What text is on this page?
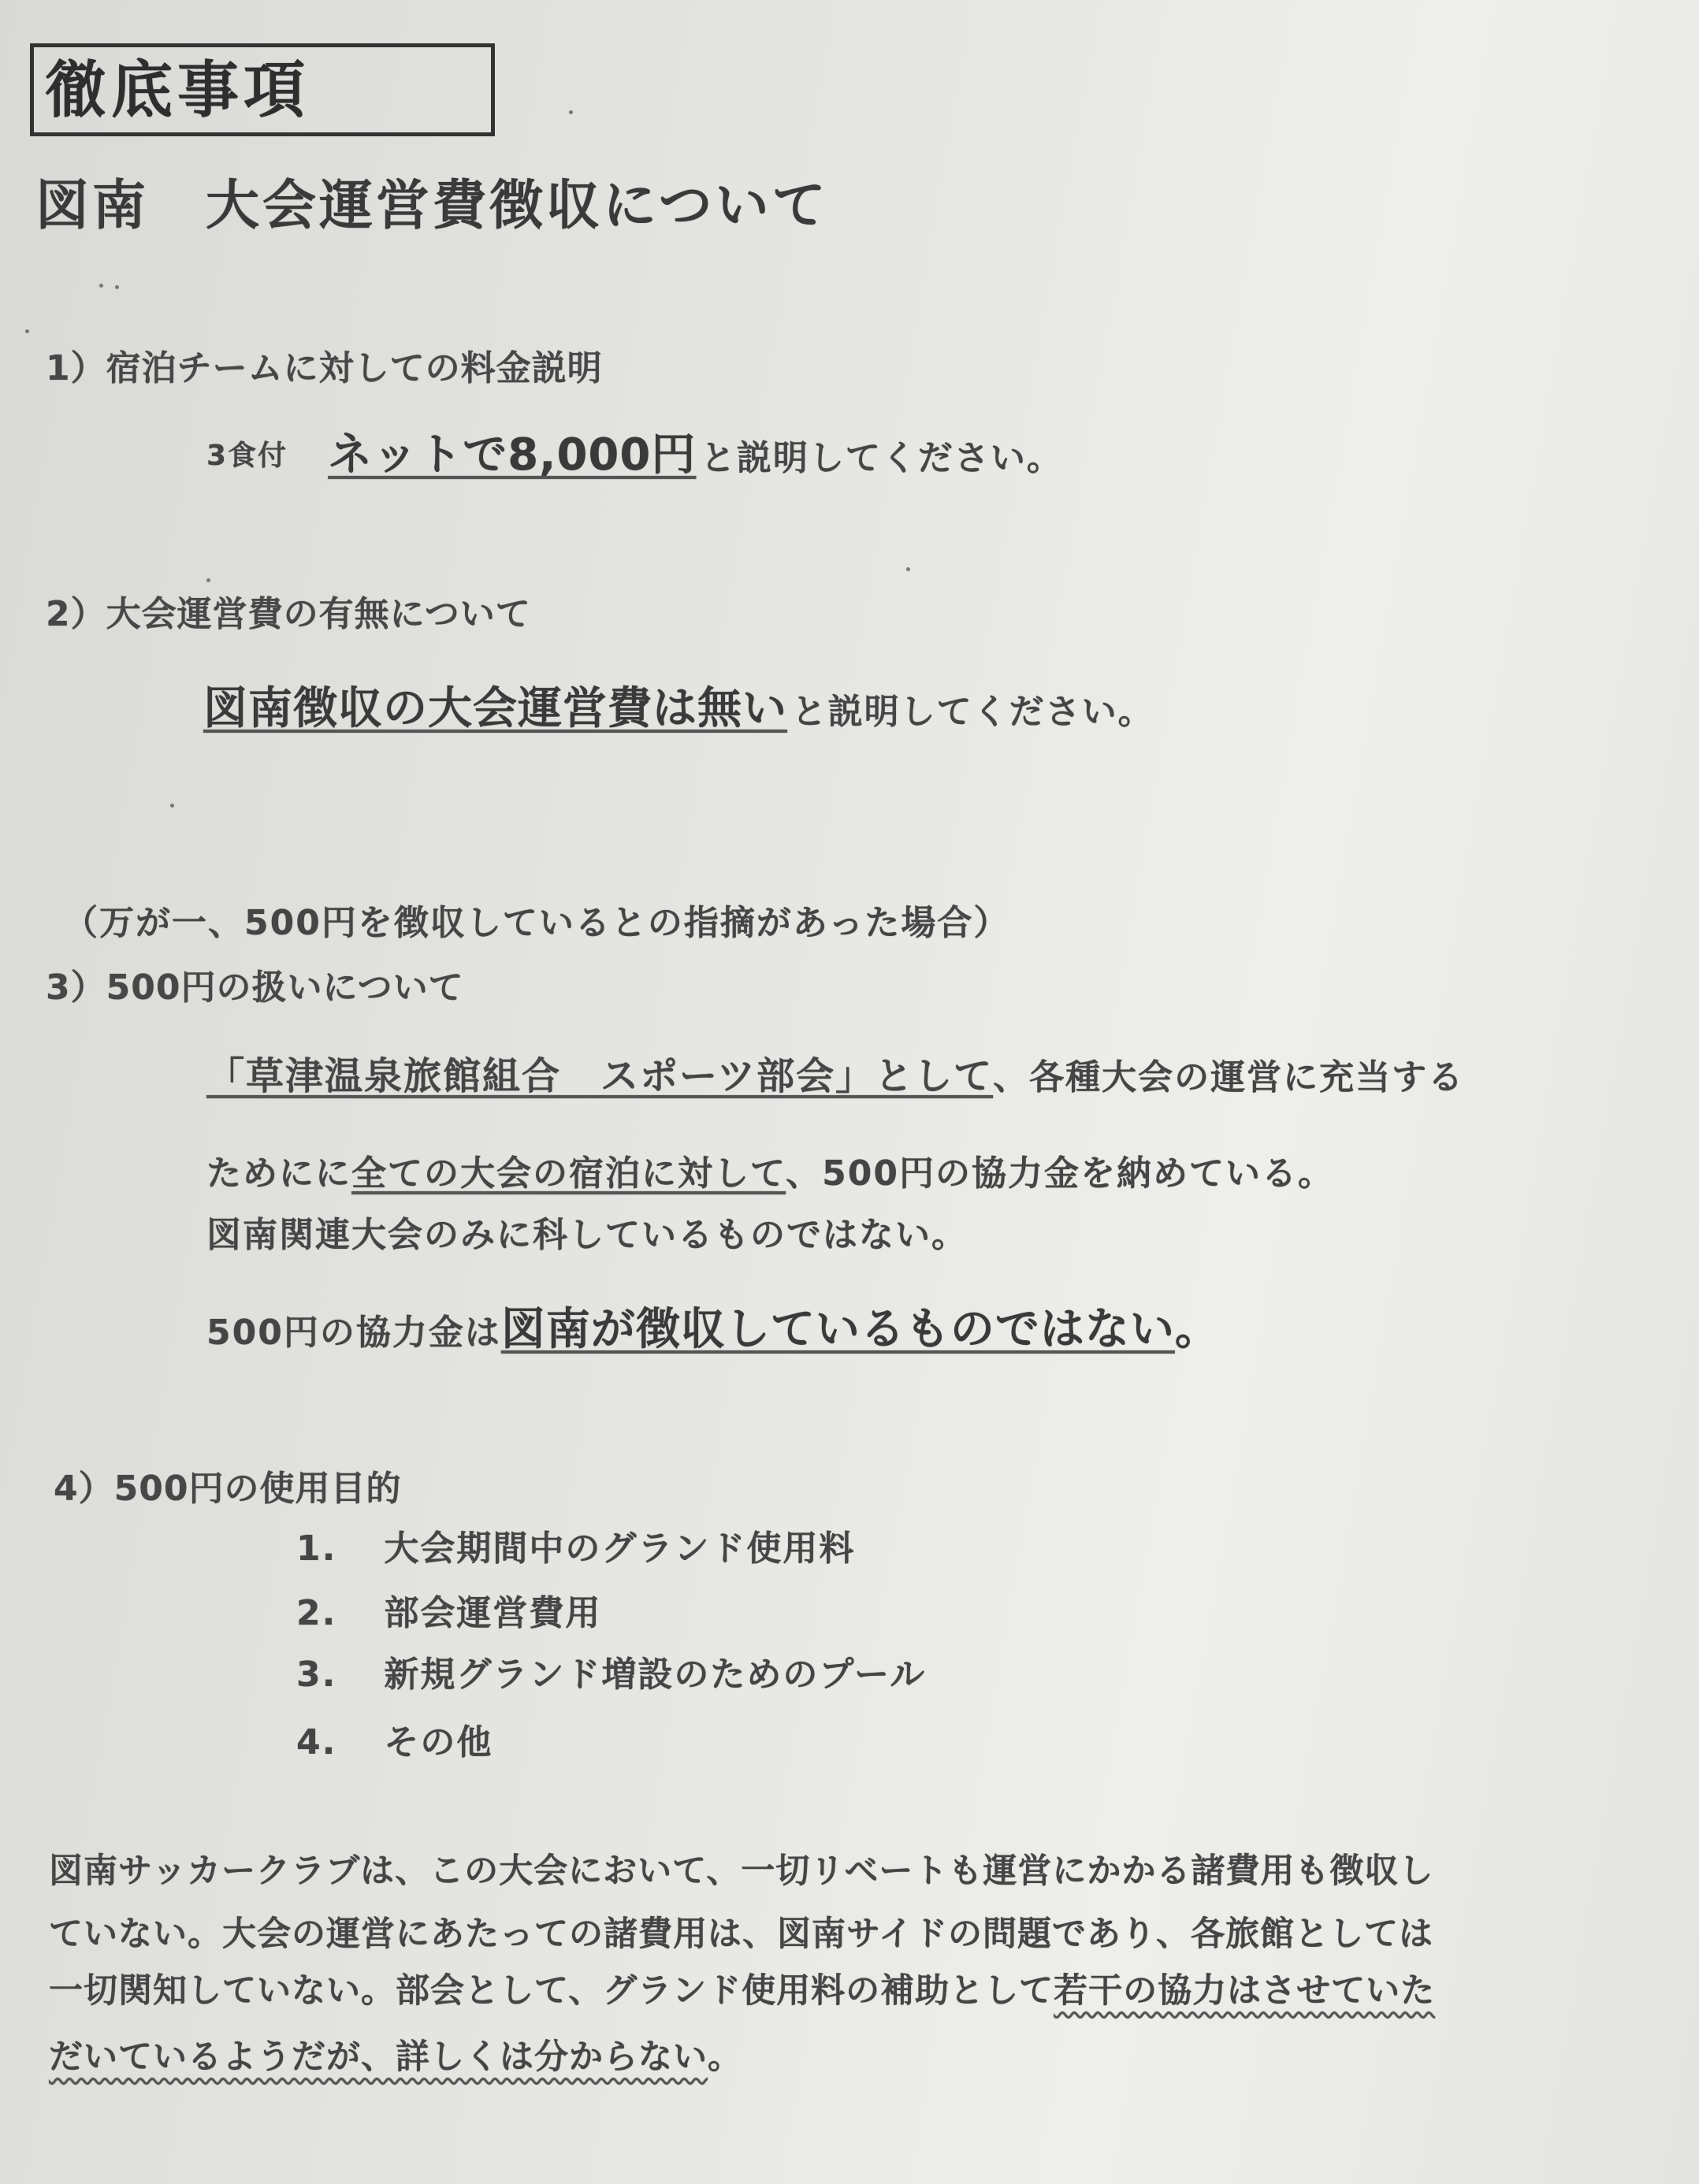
徹底事項
図南　大会運営費徴収について
1）宿泊チームに対しての料金説明
3食付 ネットで8,000円 と説明してください。
2）大会運営費の有無について
図南徴収の大会運営費は無い と説明してください。
（万が一、500円を徴収しているとの指摘があった場合）
3）500円の扱いについて
「草津温泉旅館組合　スポーツ部会」として、各種大会の運営に充当する
ためにに全ての大会の宿泊に対して、500円の協力金を納めている。
図南関連大会のみに科しているものではない。
500円の協力金は図南が徴収しているものではない。
4）500円の使用目的
1. 大会期間中のグランド使用料
2. 部会運営費用
3. 新規グランド増設のためのプール
4. その他
図南サッカークラブは、この大会において、一切リベートも運営にかかる諸費用も徴収し
ていない。大会の運営にあたっての諸費用は、図南サイドの問題であり、各旅館としては
一切関知していない。部会として、グランド使用料の補助として若干の協力はさせていた
だいているようだが、詳しくは分からない。
